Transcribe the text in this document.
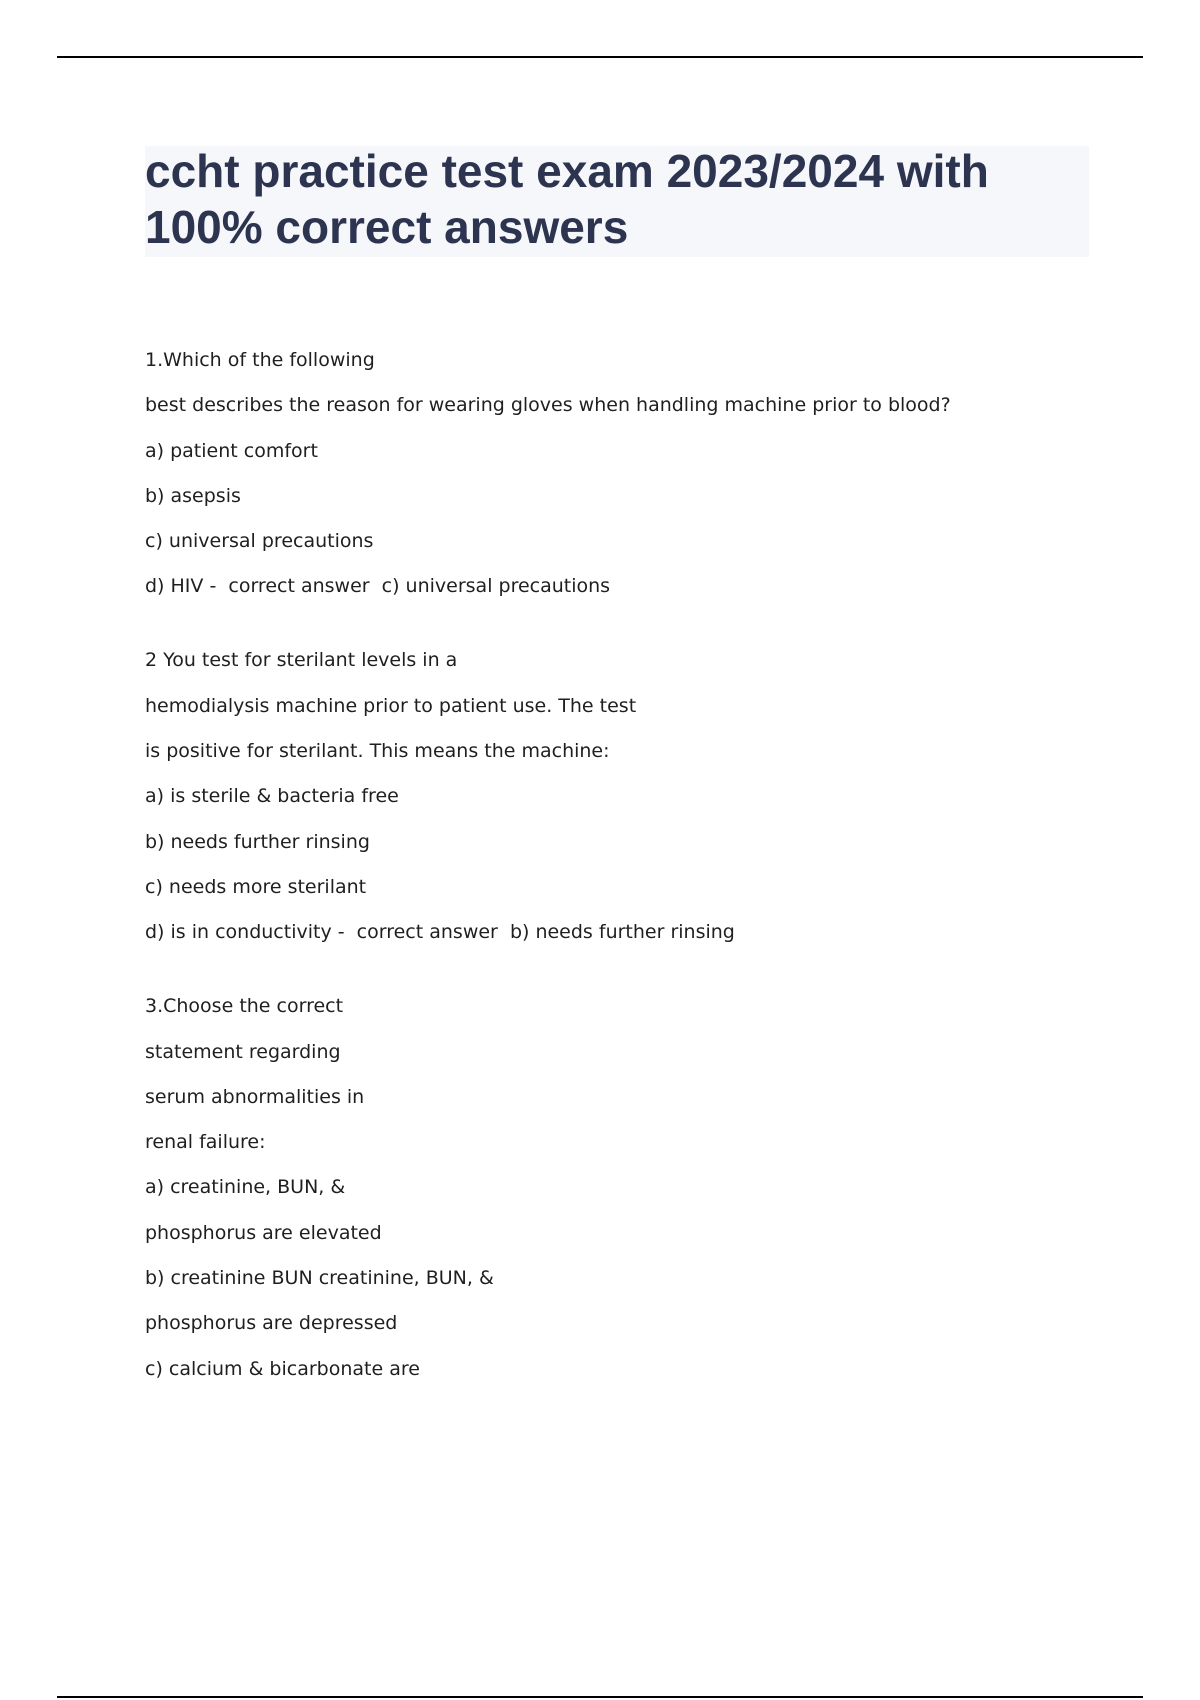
ccht practice test exam 2023/2024 with 100% correct answers
1.Which of the following
best describes the reason for wearing gloves when handling machine prior to blood?
a) patient comfort
b) asepsis
c) universal precautions
d) HIV -  correct answer  c) universal precautions
2 You test for sterilant levels in a
hemodialysis machine prior to patient use. The test
is positive for sterilant. This means the machine:
a) is sterile & bacteria free
b) needs further rinsing
c) needs more sterilant
d) is in conductivity -  correct answer  b) needs further rinsing
3.Choose the correct
statement regarding
serum abnormalities in
renal failure:
a) creatinine, BUN, &
phosphorus are elevated
b) creatinine BUN creatinine, BUN, &
phosphorus are depressed
c) calcium & bicarbonate are
